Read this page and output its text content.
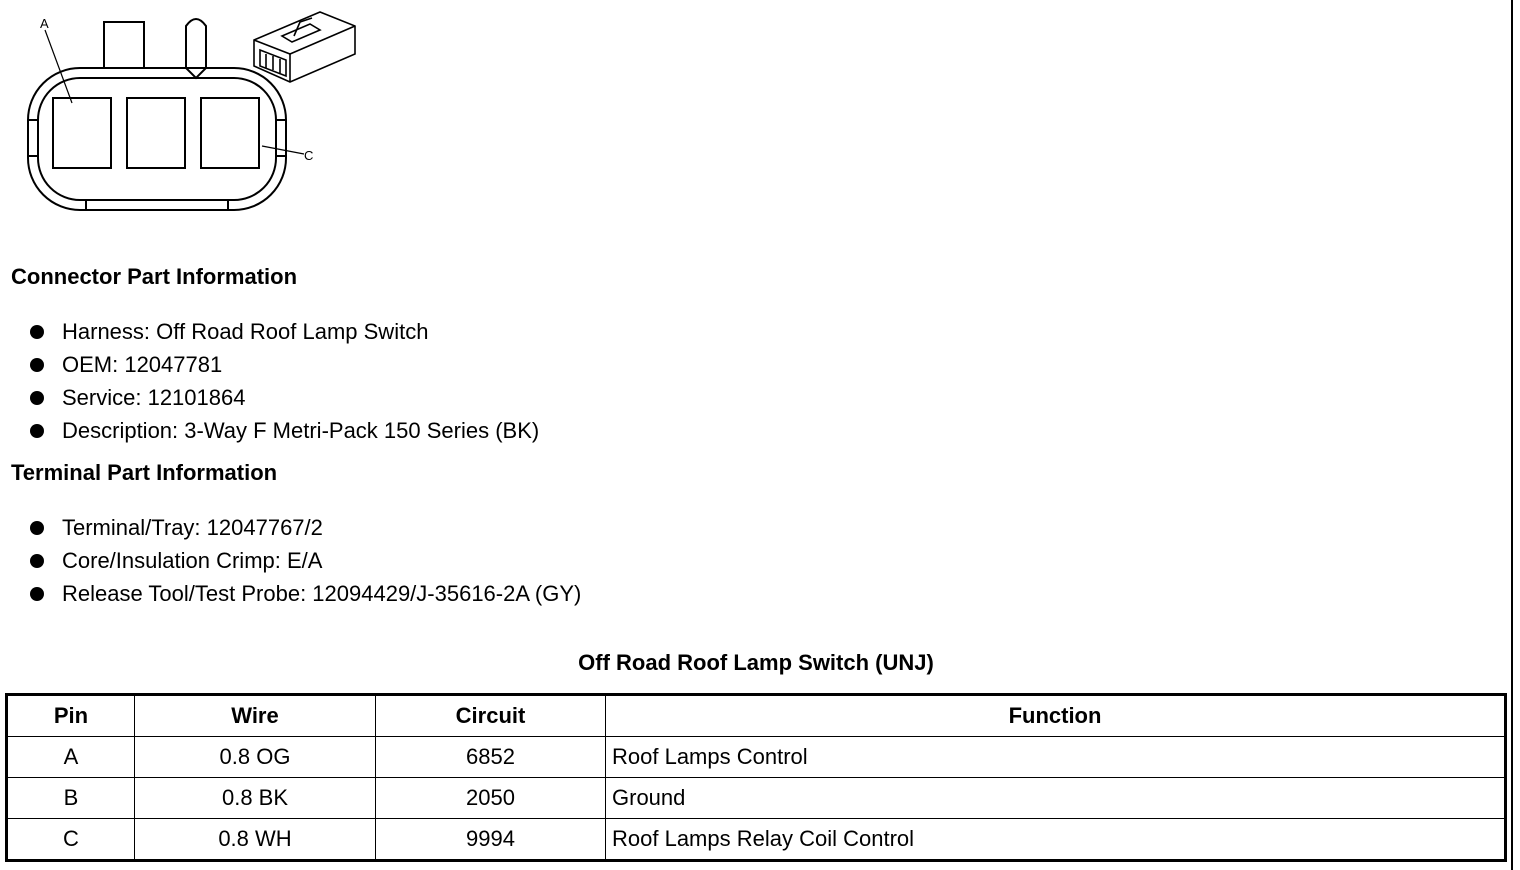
A
C
Connector Part Information
Harness: Off Road Roof Lamp Switch
OEM: 12047781
Service: 12101864
Description: 3-Way F Metri-Pack 150 Series (BK)
Terminal Part Information
Terminal/Tray: 12047767/2
Core/Insulation Crimp: E/A
Release Tool/Test Probe: 12094429/J-35616-2A (GY)
Off Road Roof Lamp Switch (UNJ)
Pin	Wire	Circuit	Function
A	0.8 OG	6852	Roof Lamps Control
B	0.8 BK	2050	Ground
C	0.8 WH	9994	Roof Lamps Relay Coil Control
